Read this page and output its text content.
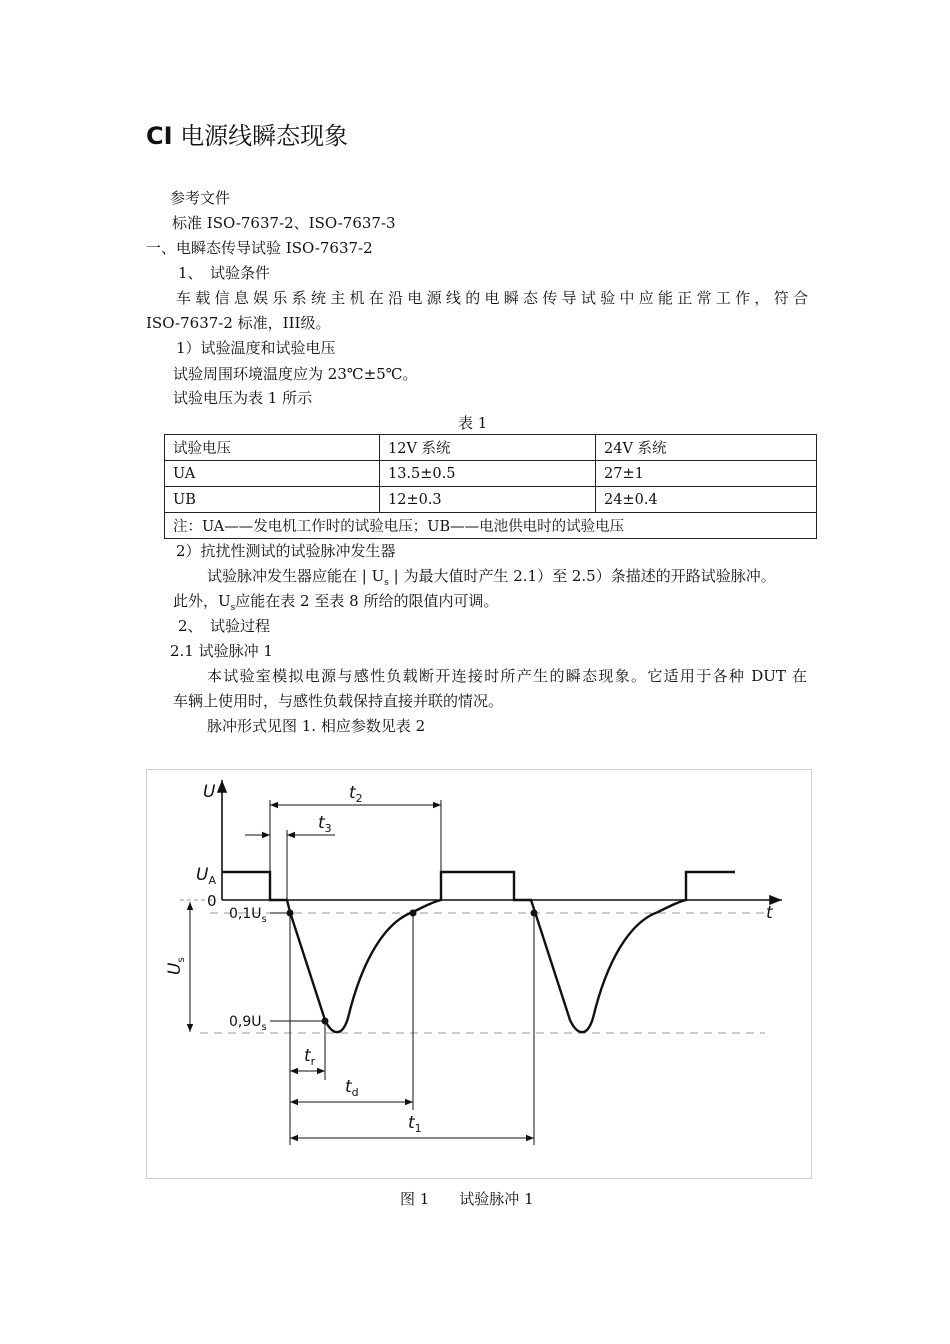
CI 电源线瞬态现象
参考文件
标准 ISO-7637-2、ISO-7637-3
一、电瞬态传导试验 ISO-7637-2
1、　试验条件
车载信息娱乐系统主机在沿电源线的电瞬态传导试验中应能正常工作，符合
ISO-7637-2 标准，III级。
1）试验温度和试验电压
试验周围环境温度应为 23℃±5℃。
试验电压为表 1 所示
表 1
试验电压	12V 系统	24V 系统
UA	13.5±0.5	27±1
UB	12±0.3	24±0.4
注：UA——发电机工作时的试验电压；UB——电池供电时的试验电压		
2）抗扰性测试的试验脉冲发生器
试验脉冲发生器应能在 | $U_s$ | 为最大值时产生 2.1）至 2.5）条描述的开路试验脉冲。
此外，$U_s$应能在表 2 至表 8 所给的限值内可调。
2、　试验过程
2.1 试验脉冲 1
本试验室模拟电源与感性负载断开连接时所产生的瞬态现象。它适用于各种 DUT 在
车辆上使用时，与感性负载保持直接并联的情况。
脉冲形式见图 1. 相应参数见表 2
U
$U_A$
0
$0,1U_s$
$0,9U_s$
t
$U_s$
$t_2$
$t_3$
$t_r$
$t_d$
$t_1$
图 1　　试验脉冲 1
